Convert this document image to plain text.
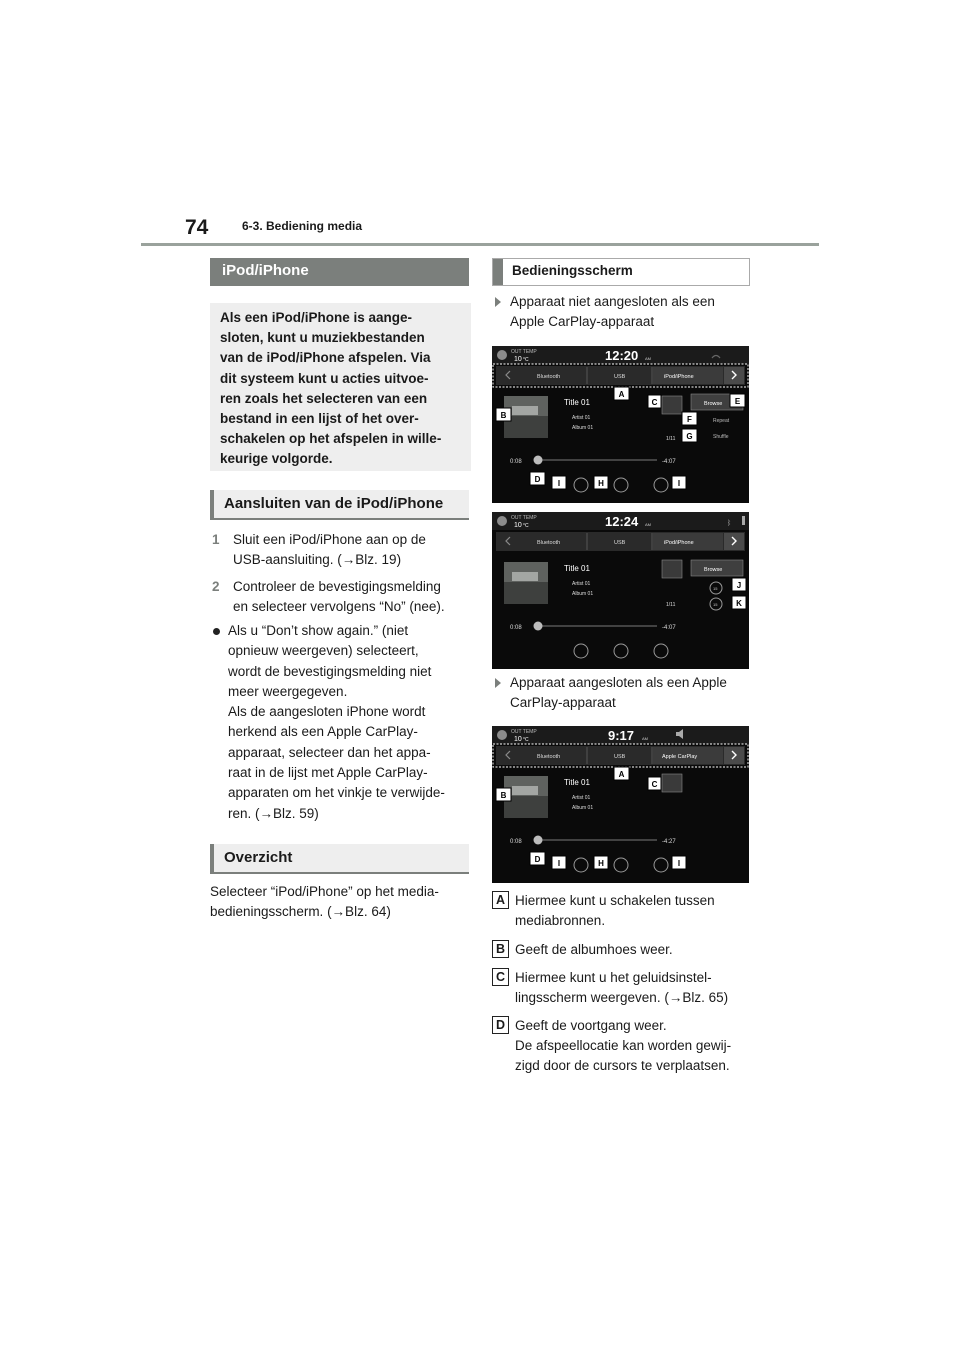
74	6-3. Bediening media
iPod/iPhone
Als een iPod/iPhone is aange-
sloten, kunt u muziekbestanden
van de iPod/iPhone afspelen. Via
dit systeem kunt u acties uitvoe-
ren zoals het selecteren van een
bestand in een lijst of het over-
schakelen op het afspelen in wille-
keurige volgorde.
Aansluiten van de iPod/iPhone
1 Sluit een iPod/iPhone aan op de
USB-aansluiting. (→Blz. 19)
2 Controleer de bevestigingsmelding
en selecteer vervolgens “No” (nee).
Als u “Don’t show again.” (niet
opnieuw weergeven) selecteert,
wordt de bevestigingsmelding niet
meer weergegeven.
Als de aangesloten iPhone wordt
herkend als een Apple CarPlay-
apparaat, selecteer dan het appa-
raat in de lijst met Apple CarPlay-
apparaten om het vinkje te verwijde-
ren. (→Blz. 59)
Overzicht
Selecteer “iPod/iPhone” op het media-
bedieningsscherm. (→Blz. 64)
Bedieningsscherm
Apparaat niet aangesloten als een
Apple CarPlay-apparaat
OUT TEMP
10 °C	12:20 AM
Bluetooth	USB	iPod/iPhone
Title 01
Artist 01
Album 01
1/11
Browse
Repeat
Shuffle
0:08	-4:07
A
B
C
D
E
F
G
I	H	I
OUT TEMP
10 °C	12:24 AM	ᛒ
Bluetooth	USB	iPod/iPhone
Title 01
Artist 01
Album 01
1/11
Browse
15
15
0:08	-4:07
J
K
Apparaat aangesloten als een Apple
CarPlay-apparaat
OUT TEMP
10 °C	9:17 AM
Bluetooth	USB	Apple CarPlay
Title 01
Artist 01
Album 01
0:08	-4:27
A
B
C
D I	H	I
A Hiermee kunt u schakelen tussen
mediabronnen.
B Geeft de albumhoes weer.
C Hiermee kunt u het geluidsinstel-
lingsscherm weergeven. (→Blz. 65)
D Geeft de voortgang weer.
De afspeellocatie kan worden gewij-
zigd door de cursors te verplaatsen.
